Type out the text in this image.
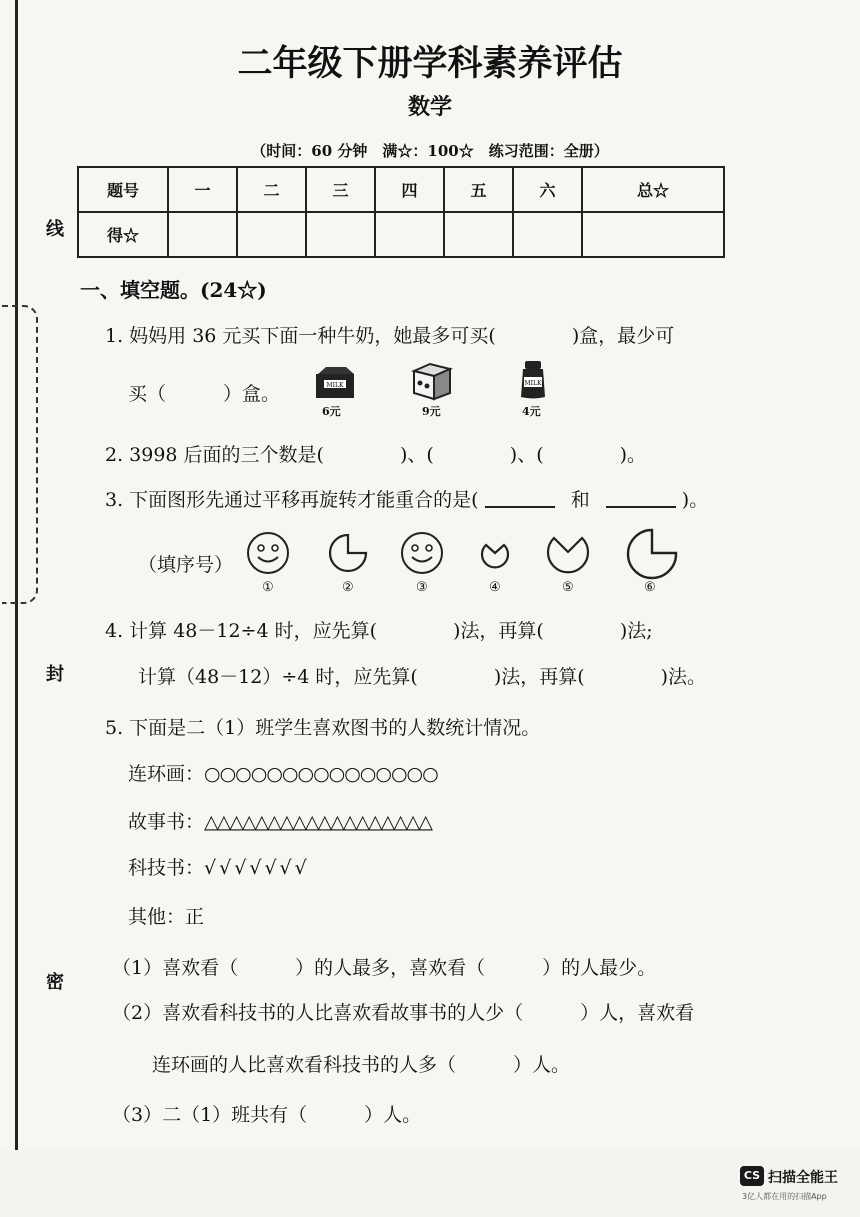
线
封
密
二年级下册学科素养评估
数学
（时间：60 分钟　满☆：100☆　练习范围：全册）
题号	一	二	三	四	五	六	总☆
得☆							
一、填空题。(24☆)
1. 妈妈用 36 元买下面一种牛奶，她最多可买(　　　　)盒，最少可
买（　　　）盒。	MILK
6元	9元
MILK
4元
2. 3998 后面的三个数是(　　　　)、(　　　　)、(　　　　)。
3. 下面图形先通过平移再旋转才能重合的是(	和	)。
（填序号）
①	②	③	④	⑤	⑥
4. 计算 48－12÷4 时，应先算(　　　　)法，再算(　　　　)法;
计算（48－12）÷4 时，应先算(　　　　)法，再算(　　　　)法。
5. 下面是二（1）班学生喜欢图书的人数统计情况。
连环画：○○○○○○○○○○○○○○○
故事书：△△△△△△△△△△△△△△△△△△
科技书：√√√√√√√
其他：正
（1）喜欢看（　　　）的人最多，喜欢看（　　　）的人最少。
（2）喜欢看科技书的人比喜欢看故事书的人少（　　　）人，喜欢看
连环画的人比喜欢看科技书的人多（　　　）人。
（3）二（1）班共有（　　　）人。
CS 扫描全能王
3亿人都在用的扫描App
